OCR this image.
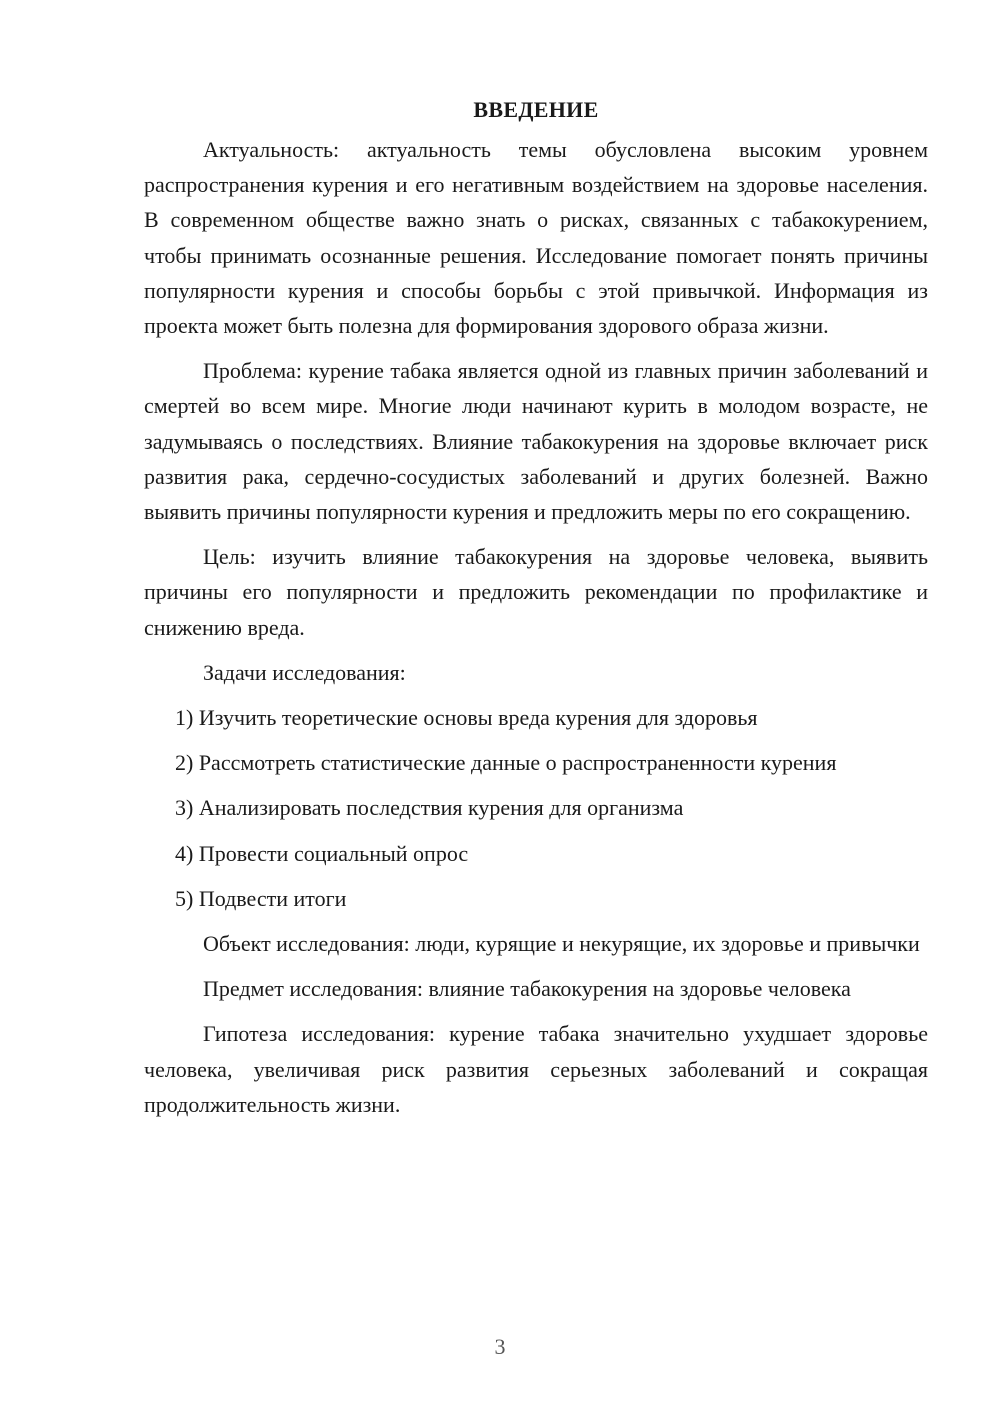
ВВЕДЕНИЕ

Актуальность: актуальность темы обусловлена высоким уровнем распространения курения и его негативным воздействием на здоровье населения. В современном обществе важно знать о рисках, связанных с табакокурением, чтобы принимать осознанные решения. Исследование помогает понять причины популярности курения и способы борьбы с этой привычкой. Информация из проекта может быть полезна для формирования здорового образа жизни.

Проблема: курение табака является одной из главных причин заболеваний и смертей во всем мире. Многие люди начинают курить в молодом возрасте, не задумываясь о последствиях. Влияние табакокурения на здоровье включает риск развития рака, сердечно-сосудистых заболеваний и других болезней. Важно выявить причины популярности курения и предложить меры по его сокращению.

Цель: изучить влияние табакокурения на здоровье человека, выявить причины его популярности и предложить рекомендации по профилактике и снижению вреда.

Задачи исследования:

1) Изучить теоретические основы вреда курения для здоровья

2) Рассмотреть статистические данные о распространенности курения

3) Анализировать последствия курения для организма

4) Провести социальный опрос

5) Подвести итоги

Объект исследования: люди, курящие и некурящие, их здоровье и привычки

Предмет исследования: влияние табакокурения на здоровье человека

Гипотеза исследования: курение табака значительно ухудшает здоровье человека, увеличивая риск развития серьезных заболеваний и сокращая продолжительность жизни.

3
